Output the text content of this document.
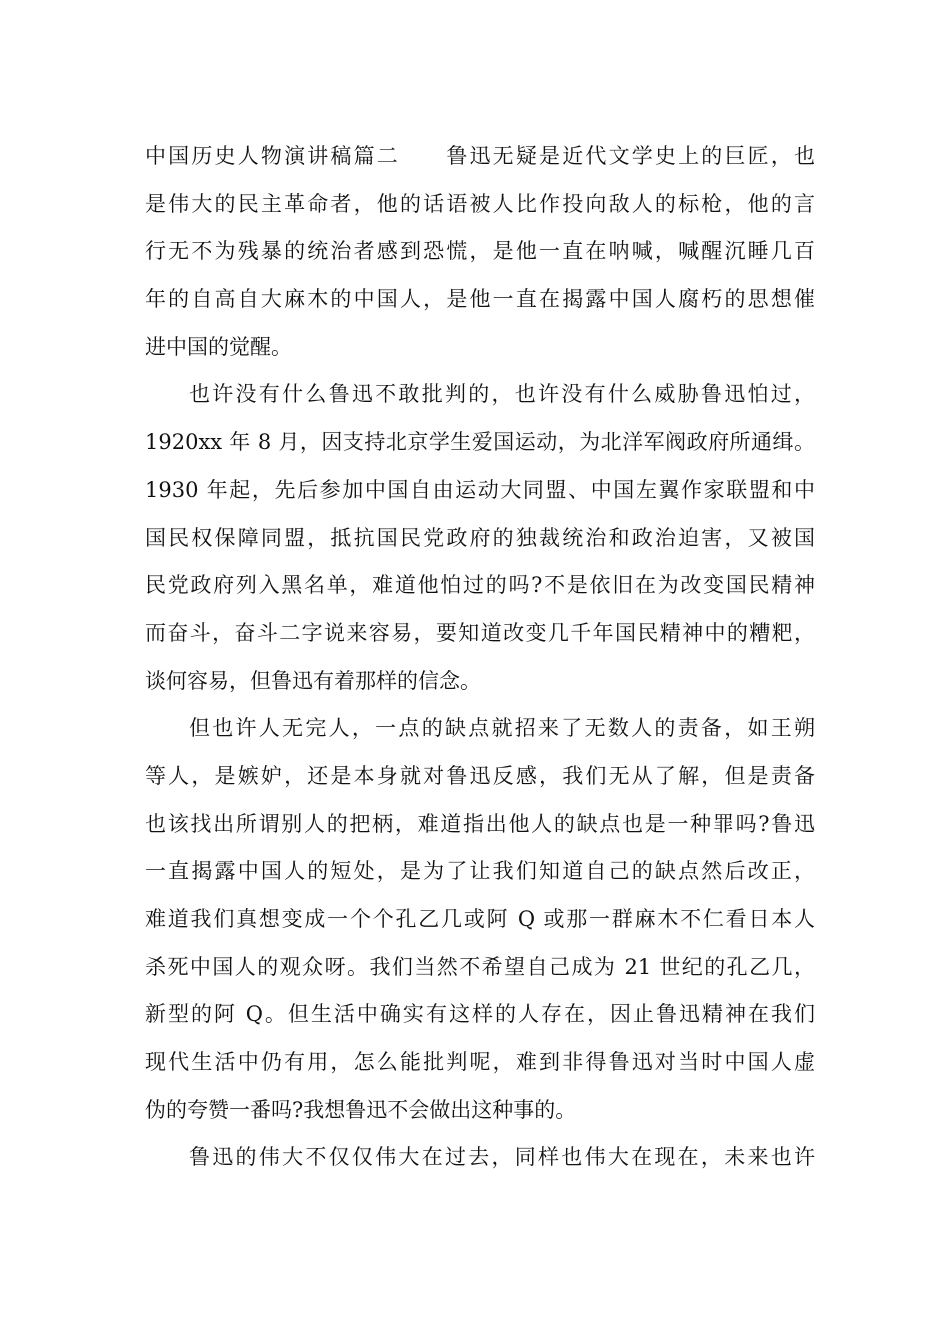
中国历史人物演讲稿篇二　　鲁迅无疑是近代文学史上的巨匠，也
是伟大的民主革命者，他的话语被人比作投向敌人的标枪，他的言
行无不为残暴的统治者感到恐慌，是他一直在呐喊，喊醒沉睡几百
年的自高自大麻木的中国人，是他一直在揭露中国人腐朽的思想催
进中国的觉醒。
也许没有什么鲁迅不敢批判的，也许没有什么威胁鲁迅怕过，
1920xx 年 8 月，因支持北京学生爱国运动，为北洋军阀政府所通缉。
1930 年起，先后参加中国自由运动大同盟、中国左翼作家联盟和中
国民权保障同盟，抵抗国民党政府的独裁统治和政治迫害，又被国
民党政府列入黑名单，难道他怕过的吗?不是依旧在为改变国民精神
而奋斗，奋斗二字说来容易，要知道改变几千年国民精神中的糟粑，
谈何容易，但鲁迅有着那样的信念。
但也许人无完人，一点的缺点就招来了无数人的责备，如王朔
等人，是嫉妒，还是本身就对鲁迅反感，我们无从了解，但是责备
也该找出所谓别人的把柄，难道指出他人的缺点也是一种罪吗?鲁迅
一直揭露中国人的短处，是为了让我们知道自己的缺点然后改正，
难道我们真想变成一个个孔乙几或阿 Q 或那一群麻木不仁看日本人
杀死中国人的观众呀。我们当然不希望自己成为 21 世纪的孔乙几，
新型的阿 Q。但生活中确实有这样的人存在，因止鲁迅精神在我们
现代生活中仍有用，怎么能批判呢，难到非得鲁迅对当时中国人虚
伪的夸赞一番吗?我想鲁迅不会做出这种事的。
鲁迅的伟大不仅仅伟大在过去，同样也伟大在现在，未来也许
